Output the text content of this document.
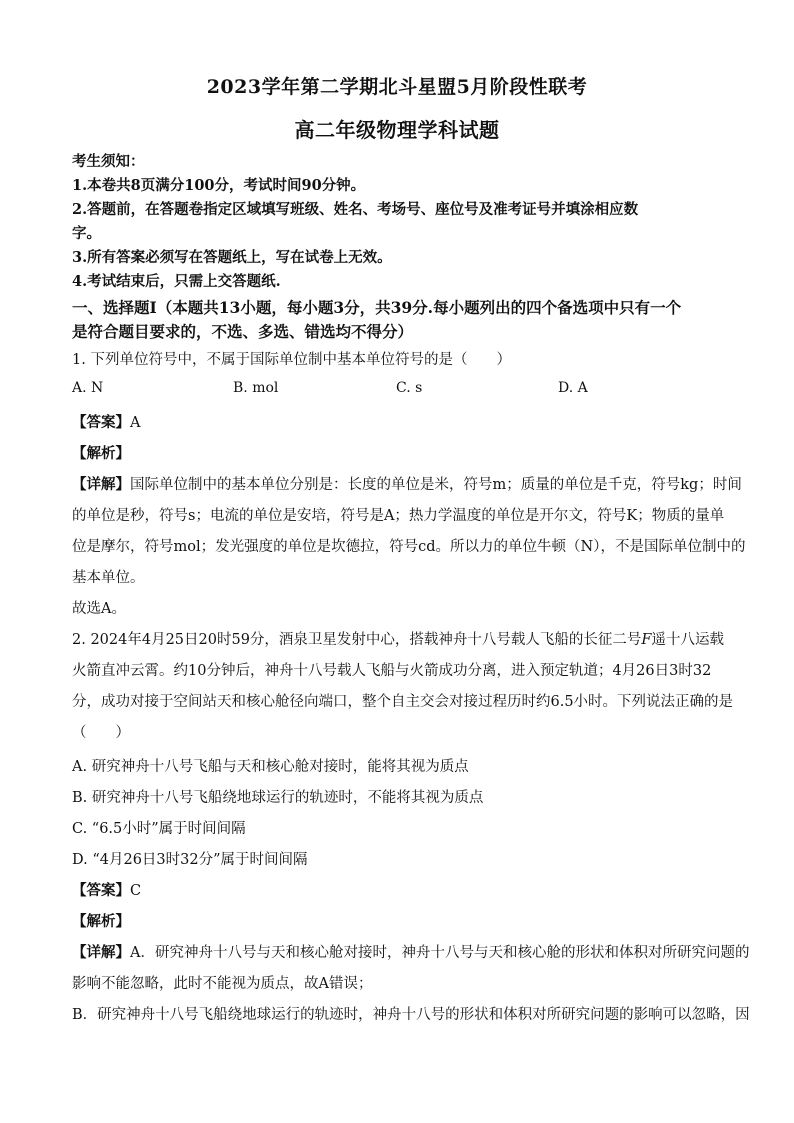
2023学年第二学期北斗星盟5月阶段性联考
高二年级物理学科试题
考生须知：
1.本卷共8页满分100分，考试时间90分钟。
2.答题前，在答题卷指定区域填写班级、姓名、考场号、座位号及准考证号并填涂相应数
字。
3.所有答案必须写在答题纸上，写在试卷上无效。
4.考试结束后，只需上交答题纸.
一、选择题Ⅰ（本题共13小题，每小题3分，共39分.每小题列出的四个备选项中只有一个
是符合题目要求的，不选、多选、错选均不得分）
1. 下列单位符号中，不属于国际单位制中基本单位符号的是（　　）
A. N	B. mol	C. s	D. A
【答案】A
【解析】
【详解】国际单位制中的基本单位分别是：长度的单位是米，符号m；质量的单位是千克，符号kg；时间
的单位是秒，符号s；电流的单位是安培，符号是A；热力学温度的单位是开尔文，符号K；物质的量单
位是摩尔，符号mol；发光强度的单位是坎德拉，符号cd。所以力的单位牛顿（N），不是国际单位制中的
基本单位。
故选A。
2. 2024年4月25日20时59分，酒泉卫星发射中心，搭载神舟十八号载人飞船的长征二号F遥十八运载
火箭直冲云霄。约10分钟后，神舟十八号载人飞船与火箭成功分离，进入预定轨道；4月26日3时32
分，成功对接于空间站天和核心舱径向端口，整个自主交会对接过程历时约6.5小时。下列说法正确的是
（　　）
A. 研究神舟十八号飞船与天和核心舱对接时，能将其视为质点
B. 研究神舟十八号飞船绕地球运行的轨迹时，不能将其视为质点
C. “6.5小时”属于时间间隔
D. “4月26日3时32分”属于时间间隔
【答案】C
【解析】
【详解】A．研究神舟十八号与天和核心舱对接时，神舟十八号与天和核心舱的形状和体积对所研究问题的
影响不能忽略，此时不能视为质点，故A错误；
B．研究神舟十八号飞船绕地球运行的轨迹时，神舟十八号的形状和体积对所研究问题的影响可以忽略，因
